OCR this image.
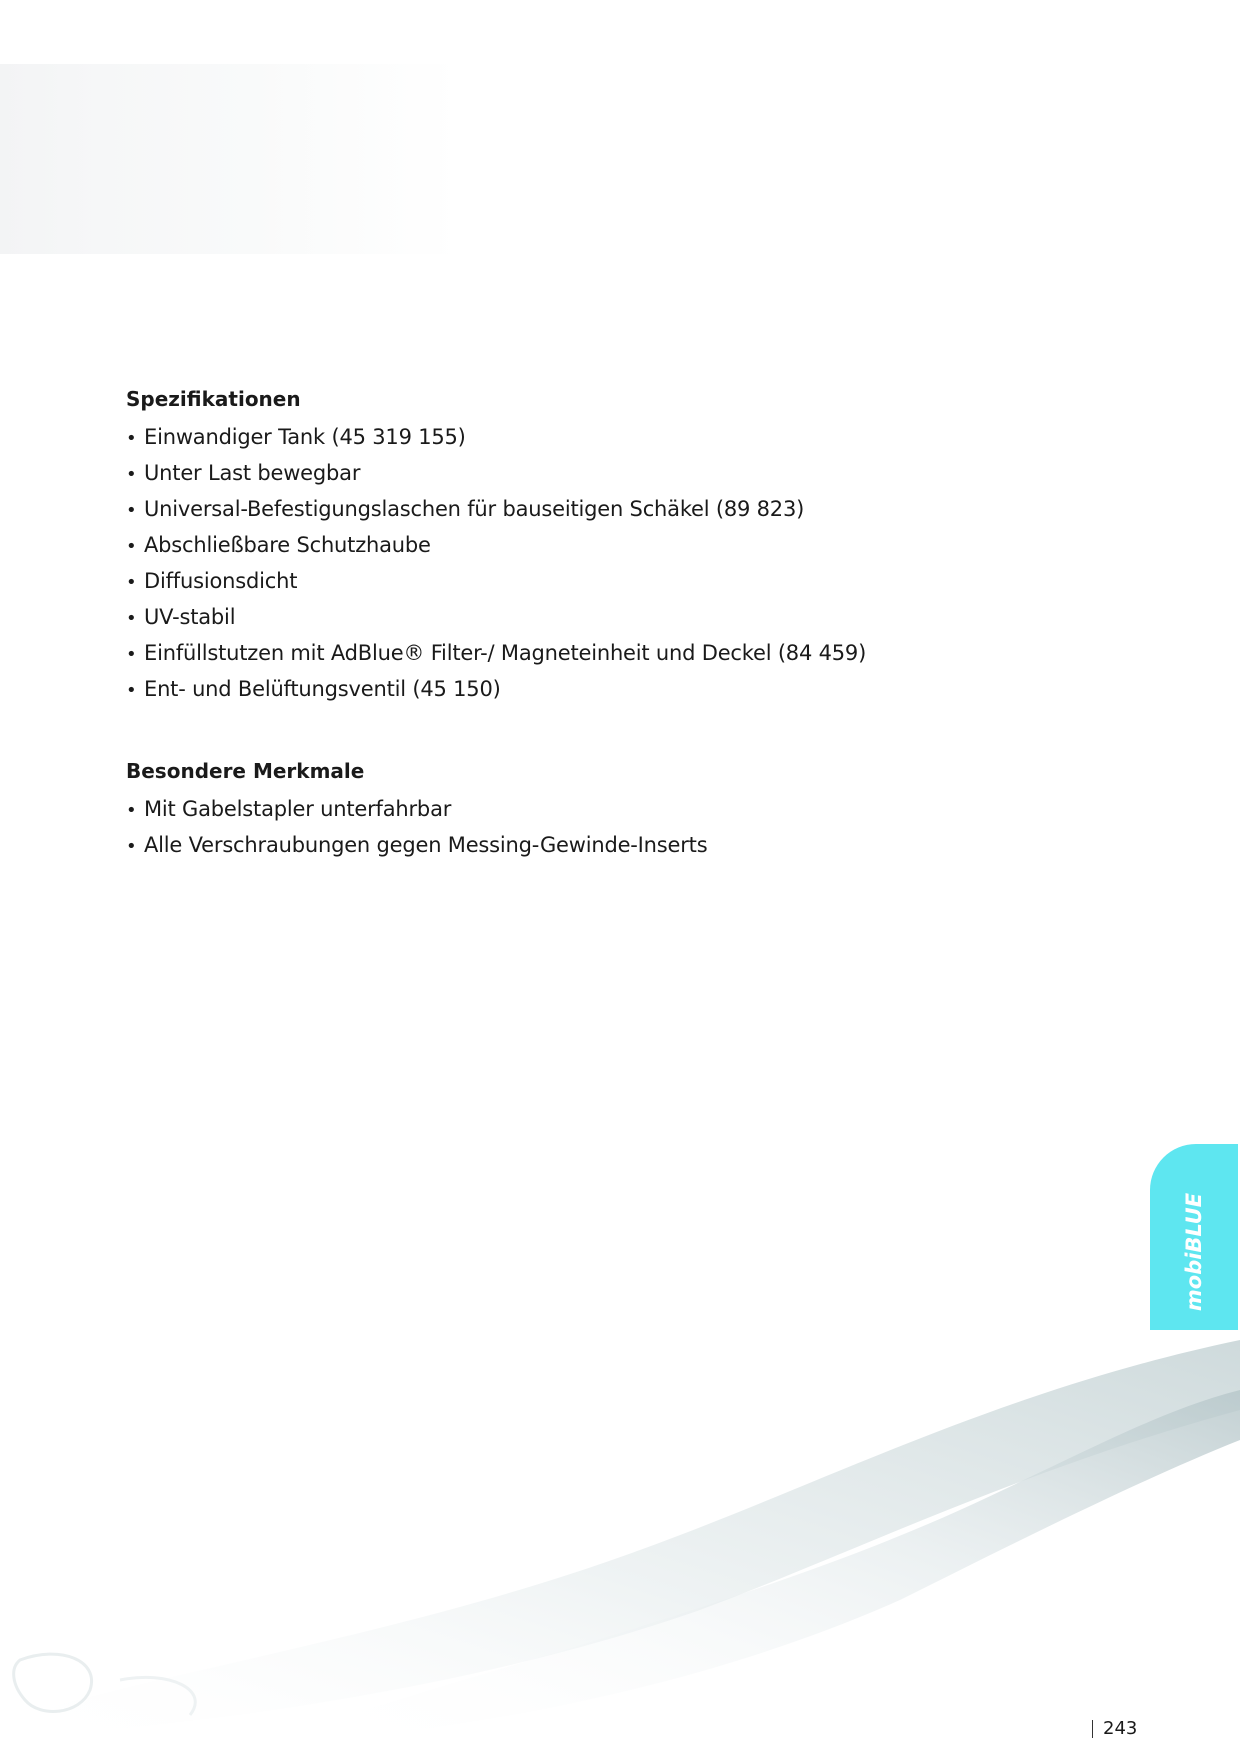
Spezifikationen
• Einwandiger Tank (45 319 155)
• Unter Last bewegbar
• Universal-Befestigungslaschen für bauseitigen Schäkel (89 823)
• Abschließbare Schutzhaube
• Diffusionsdicht
• UV-stabil
• Einfüllstutzen mit AdBlue® Filter-/ Magneteinheit und Deckel (84 459)
• Ent- und Belüftungsventil (45 150)
Besondere Merkmale
• Mit Gabelstapler unterfahrbar
• Alle Verschraubungen gegen Messing-Gewinde-Inserts
mobiBLUE
243
